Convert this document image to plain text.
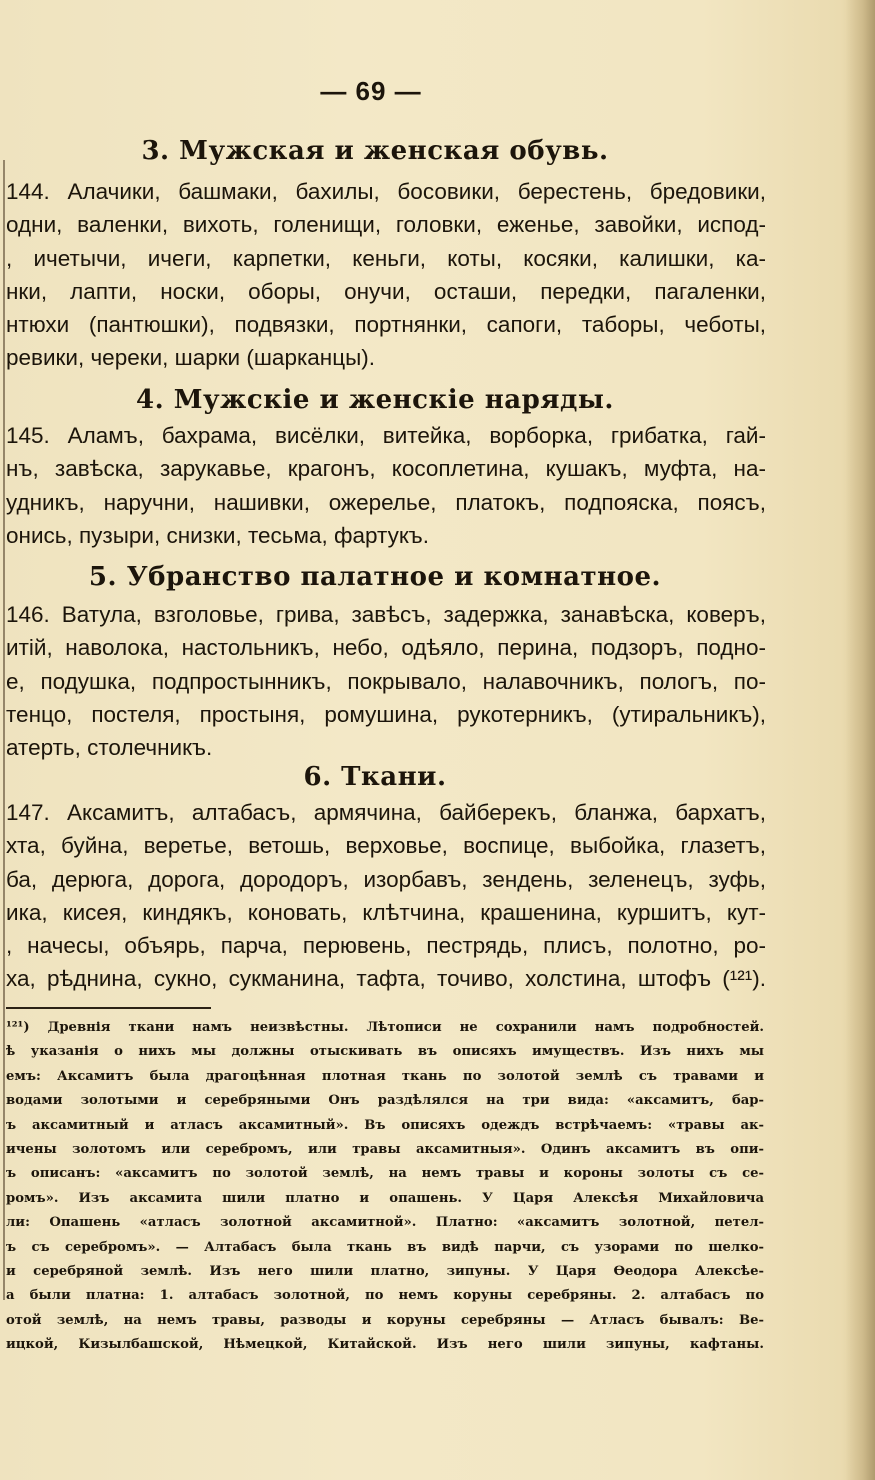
— 69 —
3. Мужская и женская обувь.
144. Алачики, башмаки, бахилы, босовики, берестень, бредовики,
одни, валенки, вихоть, голенищи, головки, еженье, завойки, испод-
, ичетычи, ичеги, карпетки, кеньги, коты, косяки, калишки, ка-
нки, лапти, носки, оборы, онучи, осташи, передки, пагаленки,
нтюхи (пантюшки), подвязки, портнянки, сапоги, таборы, чеботы,
ревики, череки, шарки (шарканцы).
4. Мужскіе и женскіе наряды.
145. Аламъ, бахрама, висёлки, витейка, ворборка, грибатка, гай-
нъ, завѣска, зарукавье, крагонъ, косоплетина, кушакъ, муфта, на-
удникъ, наручни, нашивки, ожерелье, платокъ, подпояска, поясъ,
онись, пузыри, снизки, тесьма, фартукъ.
5. Убранство палатное и комнатное.
146. Ватула, взголовье, грива, завѣсъ, задержка, занавѣска, коверъ,
итій, наволока, настольникъ, небо, одѣяло, перина, подзоръ, подно-
е, подушка, подпростынникъ, покрывало, налавочникъ, пологъ, по-
тенцо, постеля, простыня, ромушина, рукотерникъ, (утиральникъ),
атерть, столечникъ.
6. Ткани.
147. Аксамитъ, алтабасъ, армячина, байберекъ, бланжа, бархатъ,
хта, буйна, веретье, ветошь, верховье, воспице, выбойка, глазетъ,
ба, дерюга, дорога, дородоръ, изорбавъ, зендень, зеленецъ, зуфь,
ика, кисея, киндякъ, коновать, клѣтчина, крашенина, куршитъ, кут-
, начесы, объярь, парча, перювень, пестрядь, плисъ, полотно, ро-
ха, рѣднина, сукно, сукманина, тафта, точиво, холстина, штофъ (¹²¹).
¹²¹) Древнія ткани намъ неизвѣстны. Лѣтописи не сохранили намъ подробностей.
ѣ указанія о нихъ мы должны отыскивать въ описяхъ имуществъ. Изъ нихъ мы
емъ: Аксамитъ была драгоцѣнная плотная ткань по золотой землѣ съ травами и
водами золотыми и серебряными Онъ раздѣлялся на три вида: «аксамитъ, бар-
ъ аксамитный и атласъ аксамитный». Въ описяхъ одеждъ встрѣчаемъ: «травы ак-
ичены золотомъ или серебромъ, или травы аксамитныя». Одинъ аксамитъ въ опи-
ъ описанъ: «аксамитъ по золотой землѣ, на немъ травы и короны золоты съ се-
ромъ». Изъ аксамита шили платно и опашень. У Царя Алексѣя Михайловича
ли: Опашень «атласъ золотной аксамитной». Платно: «аксамитъ золотной, петел-
ъ съ серебромъ». — Алтабасъ была ткань въ видѣ парчи, съ узорами по шелко-
и серебряной землѣ. Изъ него шили платно, зипуны. У Царя Ѳеодора Алексѣе-
а были платна: 1. алтабасъ золотной, по немъ коруны серебряны. 2. алтабасъ по
отой землѣ, на немъ травы, разводы и коруны серебряны — Атласъ бывалъ: Ве-
ицкой, Кизылбашской, Нѣмецкой, Китайской. Изъ него шили зипуны, кафтаны.
